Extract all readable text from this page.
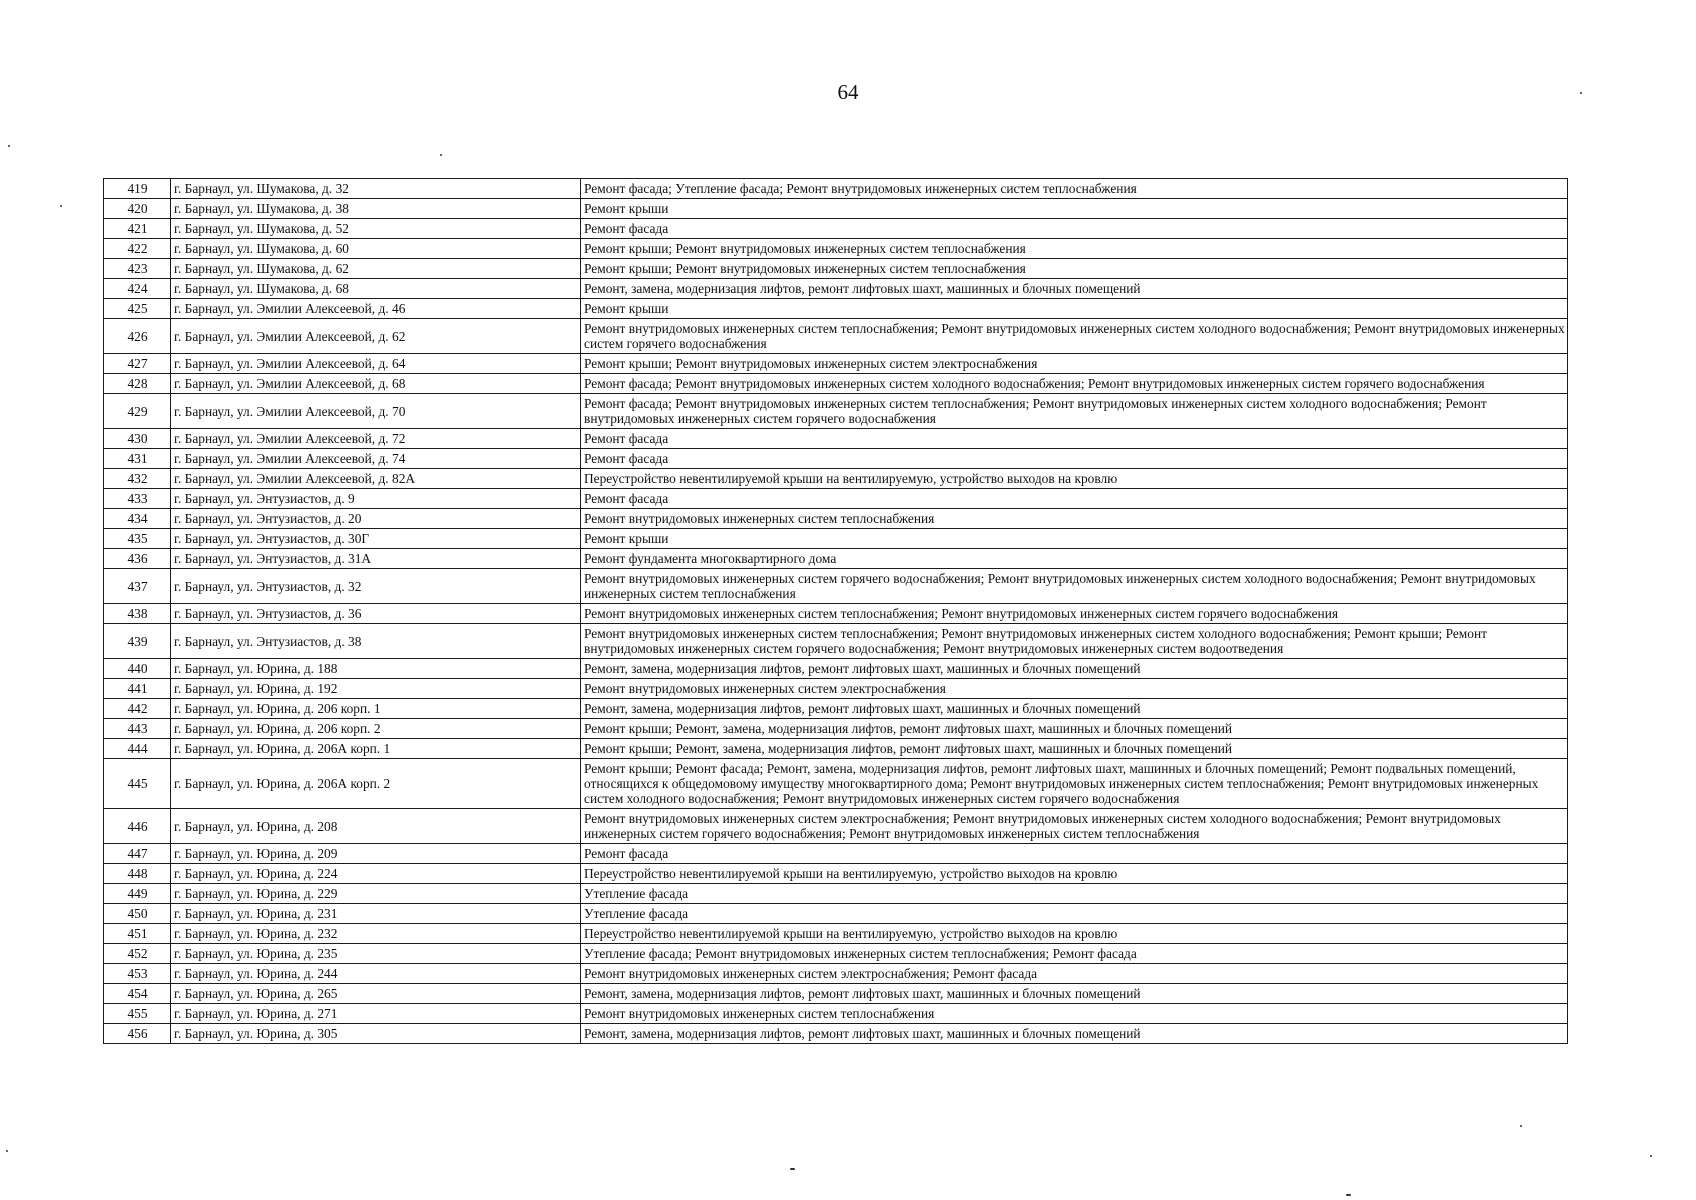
64
419	г. Барнаул, ул. Шумакова, д. 32	Ремонт фасада; Утепление фасада; Ремонт внутридомовых инженерных систем теплоснабжения
420	г. Барнаул, ул. Шумакова, д. 38	Ремонт крыши
421	г. Барнаул, ул. Шумакова, д. 52	Ремонт фасада
422	г. Барнаул, ул. Шумакова, д. 60	Ремонт крыши; Ремонт внутридомовых инженерных систем теплоснабжения
423	г. Барнаул, ул. Шумакова, д. 62	Ремонт крыши; Ремонт внутридомовых инженерных систем теплоснабжения
424	г. Барнаул, ул. Шумакова, д. 68	Ремонт, замена, модернизация лифтов, ремонт лифтовых шахт, машинных и блочных помещений
425	г. Барнаул, ул. Эмилии Алексеевой, д. 46	Ремонт крыши
426	г. Барнаул, ул. Эмилии Алексеевой, д. 62	Ремонт внутридомовых инженерных систем теплоснабжения; Ремонт внутридомовых инженерных систем холодного водоснабжения; Ремонт внутридомовых инженерных систем горячего водоснабжения
427	г. Барнаул, ул. Эмилии Алексеевой, д. 64	Ремонт крыши; Ремонт внутридомовых инженерных систем электроснабжения
428	г. Барнаул, ул. Эмилии Алексеевой, д. 68	Ремонт фасада; Ремонт внутридомовых инженерных систем холодного водоснабжения; Ремонт внутридомовых инженерных систем горячего водоснабжения
429	г. Барнаул, ул. Эмилии Алексеевой, д. 70	Ремонт фасада; Ремонт внутридомовых инженерных систем теплоснабжения; Ремонт внутридомовых инженерных систем холодного водоснабжения; Ремонт внутридомовых инженерных систем горячего водоснабжения
430	г. Барнаул, ул. Эмилии Алексеевой, д. 72	Ремонт фасада
431	г. Барнаул, ул. Эмилии Алексеевой, д. 74	Ремонт фасада
432	г. Барнаул, ул. Эмилии Алексеевой, д. 82А	Переустройство невентилируемой крыши на вентилируемую, устройство выходов на кровлю
433	г. Барнаул, ул. Энтузиастов, д. 9	Ремонт фасада
434	г. Барнаул, ул. Энтузиастов, д. 20	Ремонт внутридомовых инженерных систем теплоснабжения
435	г. Барнаул, ул. Энтузиастов, д. 30Г	Ремонт крыши
436	г. Барнаул, ул. Энтузиастов, д. 31А	Ремонт фундамента многоквартирного дома
437	г. Барнаул, ул. Энтузиастов, д. 32	Ремонт внутридомовых инженерных систем горячего водоснабжения; Ремонт внутридомовых инженерных систем холодного водоснабжения; Ремонт внутридомовых инженерных систем теплоснабжения
438	г. Барнаул, ул. Энтузиастов, д. 36	Ремонт внутридомовых инженерных систем теплоснабжения; Ремонт внутридомовых инженерных систем горячего водоснабжения
439	г. Барнаул, ул. Энтузиастов, д. 38	Ремонт внутридомовых инженерных систем теплоснабжения; Ремонт внутридомовых инженерных систем холодного водоснабжения; Ремонт крыши; Ремонт внутридомовых инженерных систем горячего водоснабжения; Ремонт внутридомовых инженерных систем водоотведения
440	г. Барнаул, ул. Юрина, д. 188	Ремонт, замена, модернизация лифтов, ремонт лифтовых шахт, машинных и блочных помещений
441	г. Барнаул, ул. Юрина, д. 192	Ремонт внутридомовых инженерных систем электроснабжения
442	г. Барнаул, ул. Юрина, д. 206 корп. 1	Ремонт, замена, модернизация лифтов, ремонт лифтовых шахт, машинных и блочных помещений
443	г. Барнаул, ул. Юрина, д. 206 корп. 2	Ремонт крыши; Ремонт, замена, модернизация лифтов, ремонт лифтовых шахт, машинных и блочных помещений
444	г. Барнаул, ул. Юрина, д. 206А корп. 1	Ремонт крыши; Ремонт, замена, модернизация лифтов, ремонт лифтовых шахт, машинных и блочных помещений
445	г. Барнаул, ул. Юрина, д. 206А корп. 2	Ремонт крыши; Ремонт фасада; Ремонт, замена, модернизация лифтов, ремонт лифтовых шахт, машинных и блочных помещений; Ремонт подвальных помещений, относящихся к общедомовому имуществу многоквартирного дома; Ремонт внутридомовых инженерных систем теплоснабжения; Ремонт внутридомовых инженерных систем холодного водоснабжения; Ремонт внутридомовых инженерных систем горячего водоснабжения
446	г. Барнаул, ул. Юрина, д. 208	Ремонт внутридомовых инженерных систем электроснабжения; Ремонт внутридомовых инженерных систем холодного водоснабжения; Ремонт внутридомовых инженерных систем горячего водоснабжения; Ремонт внутридомовых инженерных систем теплоснабжения
447	г. Барнаул, ул. Юрина, д. 209	Ремонт фасада
448	г. Барнаул, ул. Юрина, д. 224	Переустройство невентилируемой крыши на вентилируемую, устройство выходов на кровлю
449	г. Барнаул, ул. Юрина, д. 229	Утепление фасада
450	г. Барнаул, ул. Юрина, д. 231	Утепление фасада
451	г. Барнаул, ул. Юрина, д. 232	Переустройство невентилируемой крыши на вентилируемую, устройство выходов на кровлю
452	г. Барнаул, ул. Юрина, д. 235	Утепление фасада; Ремонт внутридомовых инженерных систем теплоснабжения; Ремонт фасада
453	г. Барнаул, ул. Юрина, д. 244	Ремонт внутридомовых инженерных систем электроснабжения; Ремонт фасада
454	г. Барнаул, ул. Юрина, д. 265	Ремонт, замена, модернизация лифтов, ремонт лифтовых шахт, машинных и блочных помещений
455	г. Барнаул, ул. Юрина, д. 271	Ремонт внутридомовых инженерных систем теплоснабжения
456	г. Барнаул, ул. Юрина, д. 305	Ремонт, замена, модернизация лифтов, ремонт лифтовых шахт, машинных и блочных помещений
